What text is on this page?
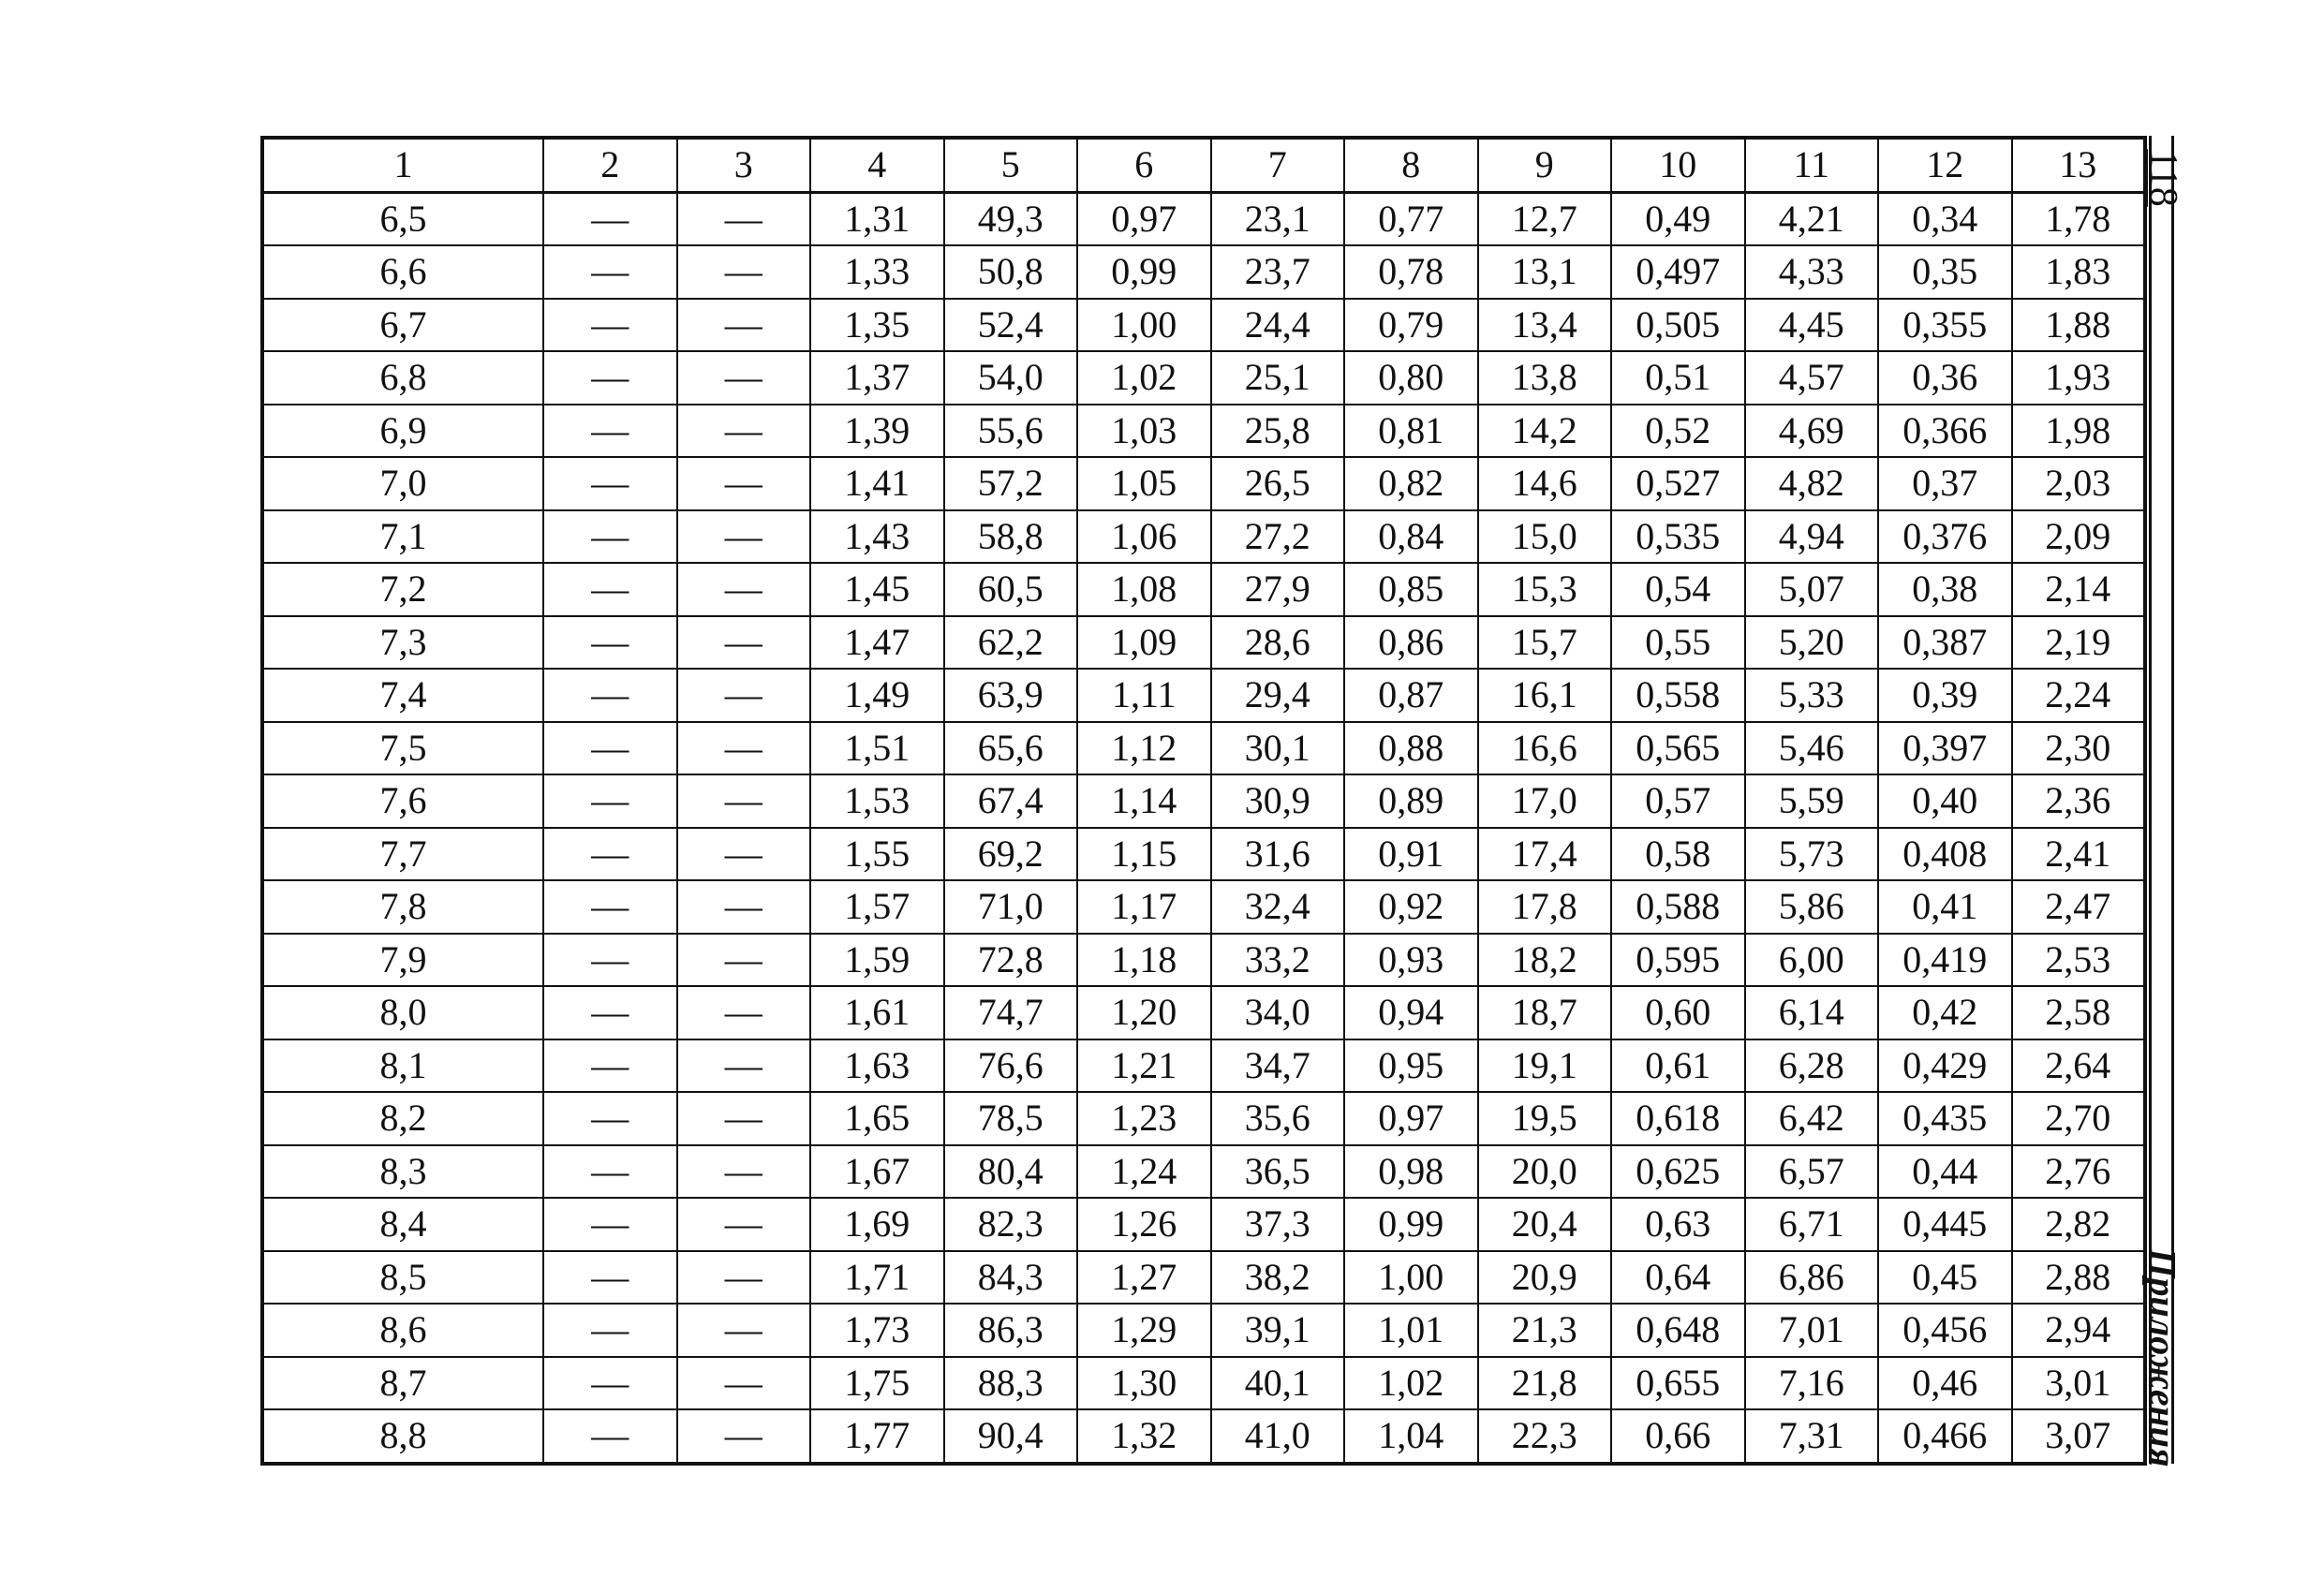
1	2	3	4	5	6	7	8	9	10	11	12	13
6,5	—	—	1,31	49,3	0,97	23,1	0,77	12,7	0,49	4,21	0,34	1,78
6,6	—	—	1,33	50,8	0,99	23,7	0,78	13,1	0,497	4,33	0,35	1,83
6,7	—	—	1,35	52,4	1,00	24,4	0,79	13,4	0,505	4,45	0,355	1,88
6,8	—	—	1,37	54,0	1,02	25,1	0,80	13,8	0,51	4,57	0,36	1,93
6,9	—	—	1,39	55,6	1,03	25,8	0,81	14,2	0,52	4,69	0,366	1,98
7,0	—	—	1,41	57,2	1,05	26,5	0,82	14,6	0,527	4,82	0,37	2,03
7,1	—	—	1,43	58,8	1,06	27,2	0,84	15,0	0,535	4,94	0,376	2,09
7,2	—	—	1,45	60,5	1,08	27,9	0,85	15,3	0,54	5,07	0,38	2,14
7,3	—	—	1,47	62,2	1,09	28,6	0,86	15,7	0,55	5,20	0,387	2,19
7,4	—	—	1,49	63,9	1,11	29,4	0,87	16,1	0,558	5,33	0,39	2,24
7,5	—	—	1,51	65,6	1,12	30,1	0,88	16,6	0,565	5,46	0,397	2,30
7,6	—	—	1,53	67,4	1,14	30,9	0,89	17,0	0,57	5,59	0,40	2,36
7,7	—	—	1,55	69,2	1,15	31,6	0,91	17,4	0,58	5,73	0,408	2,41
7,8	—	—	1,57	71,0	1,17	32,4	0,92	17,8	0,588	5,86	0,41	2,47
7,9	—	—	1,59	72,8	1,18	33,2	0,93	18,2	0,595	6,00	0,419	2,53
8,0	—	—	1,61	74,7	1,20	34,0	0,94	18,7	0,60	6,14	0,42	2,58
8,1	—	—	1,63	76,6	1,21	34,7	0,95	19,1	0,61	6,28	0,429	2,64
8,2	—	—	1,65	78,5	1,23	35,6	0,97	19,5	0,618	6,42	0,435	2,70
8,3	—	—	1,67	80,4	1,24	36,5	0,98	20,0	0,625	6,57	0,44	2,76
8,4	—	—	1,69	82,3	1,26	37,3	0,99	20,4	0,63	6,71	0,445	2,82
8,5	—	—	1,71	84,3	1,27	38,2	1,00	20,9	0,64	6,86	0,45	2,88
8,6	—	—	1,73	86,3	1,29	39,1	1,01	21,3	0,648	7,01	0,456	2,94
8,7	—	—	1,75	88,3	1,30	40,1	1,02	21,8	0,655	7,16	0,46	3,01
8,8	—	—	1,77	90,4	1,32	41,0	1,04	22,3	0,66	7,31	0,466	3,07
118
Приложения
